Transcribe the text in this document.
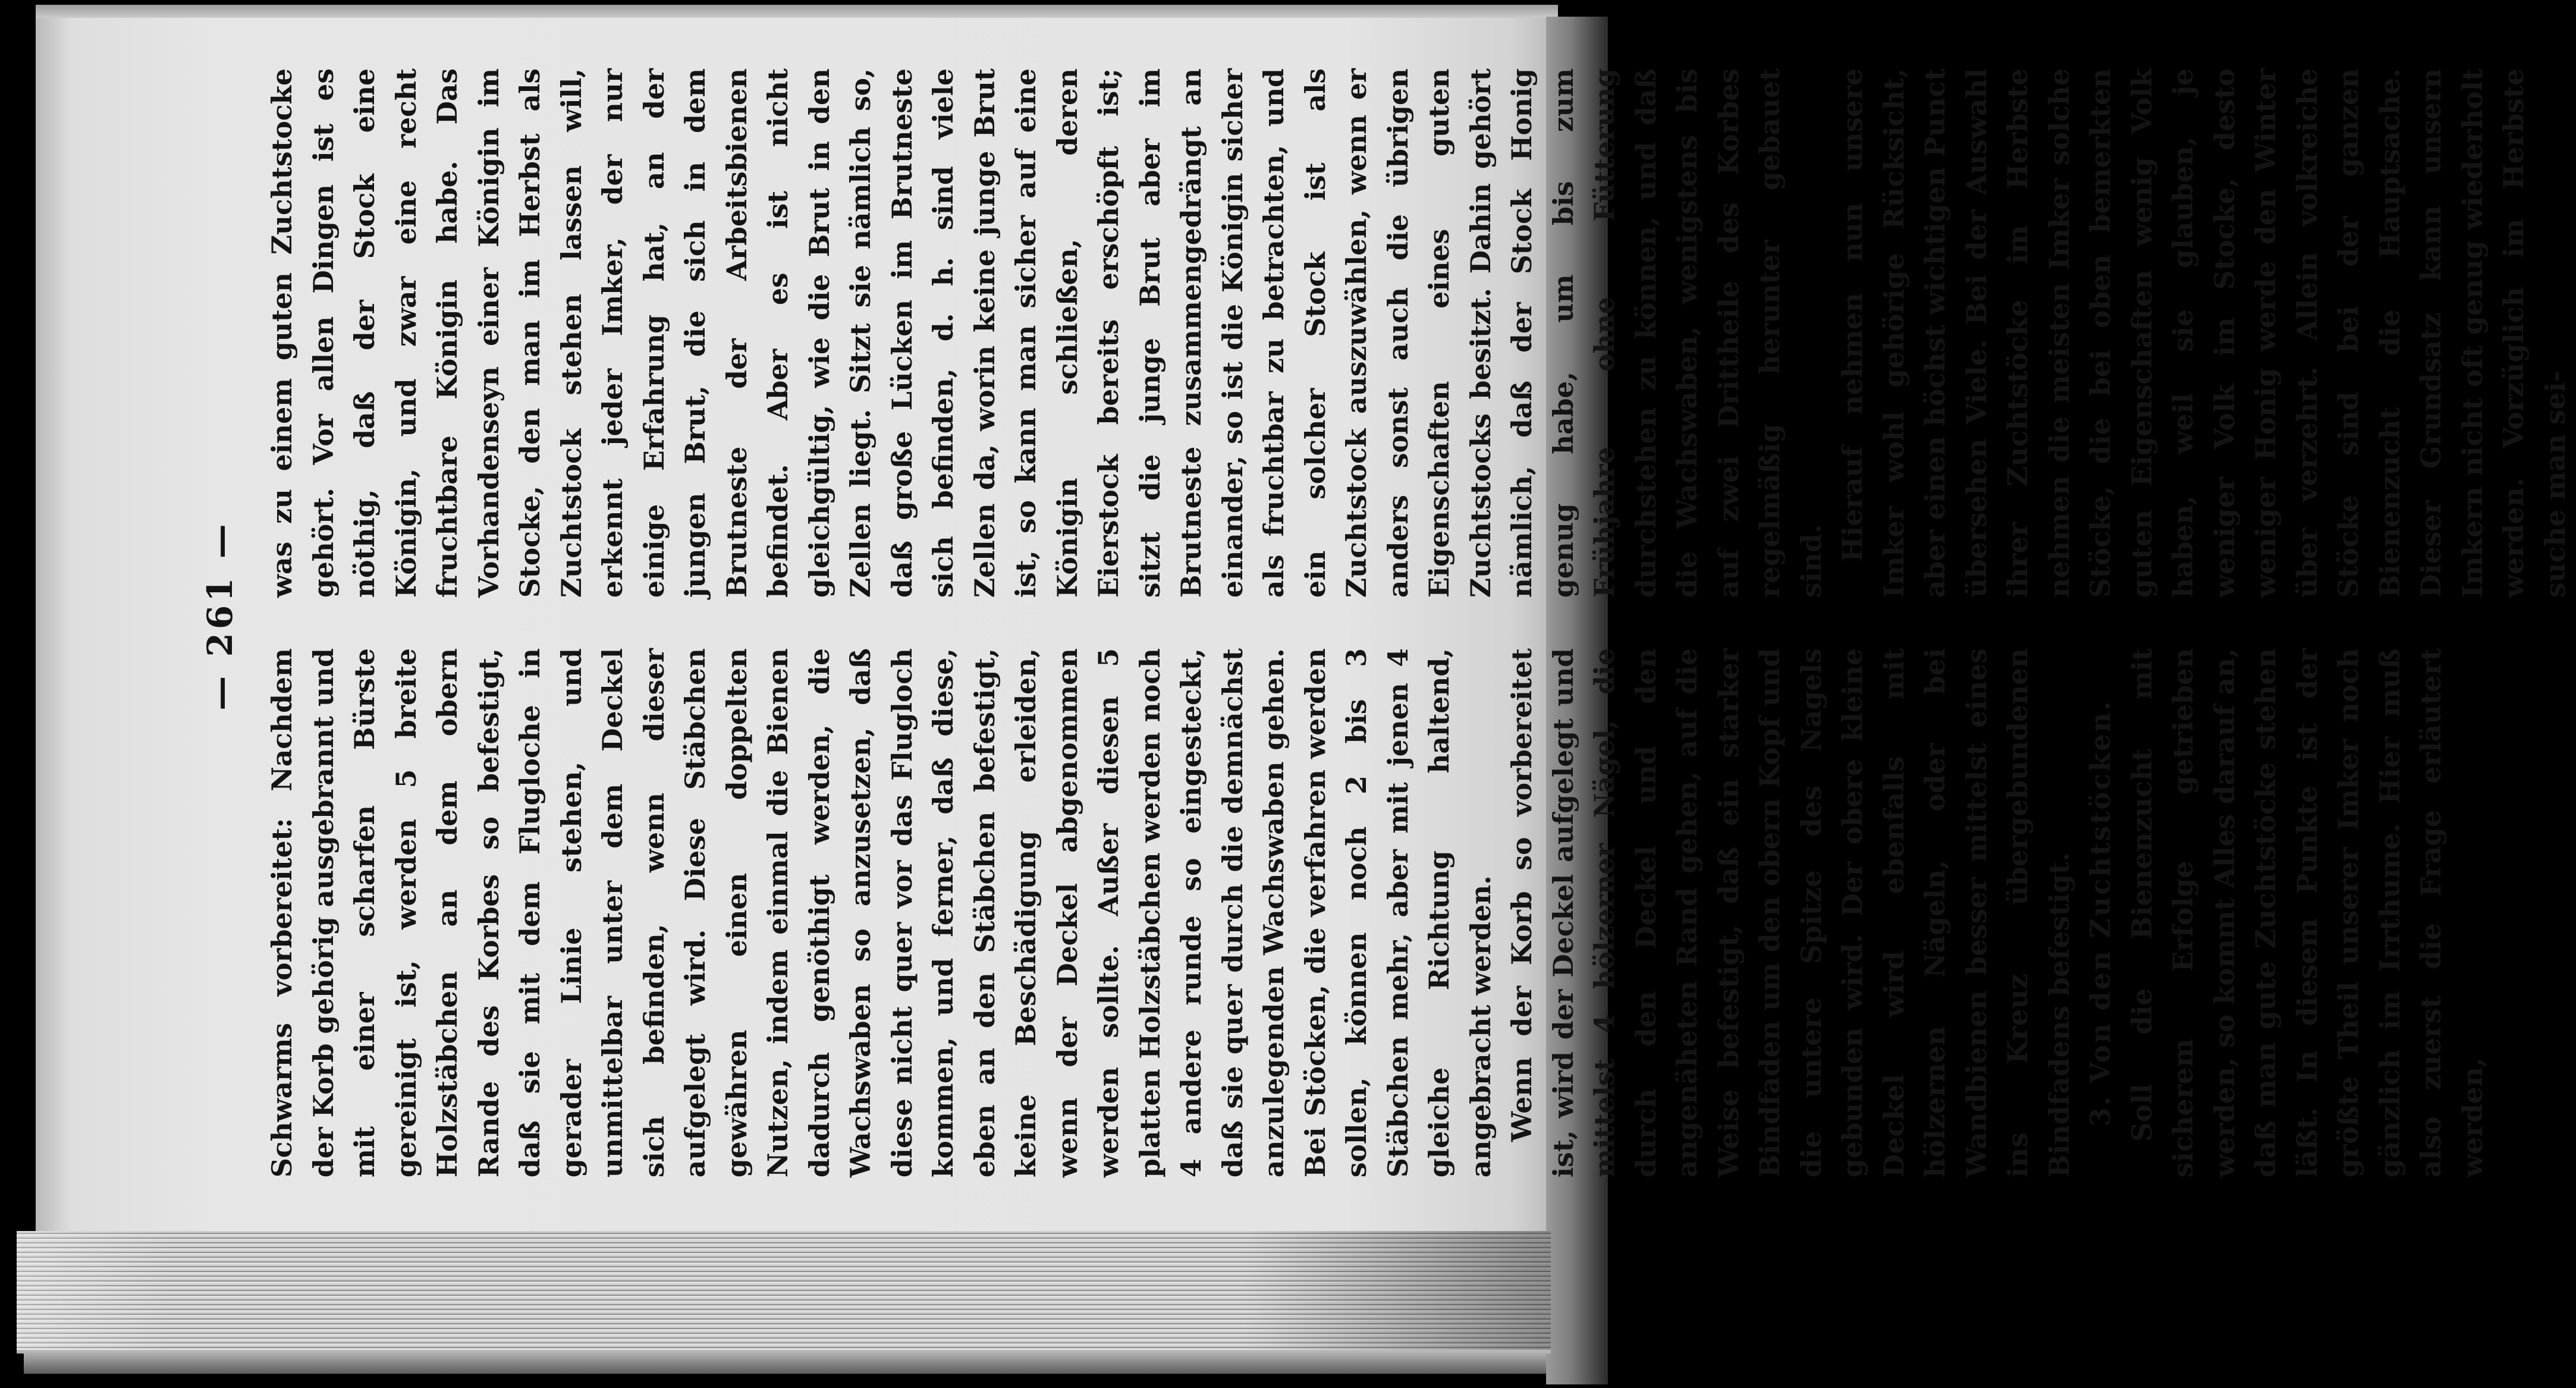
— 261 —

Schwarms vorbereitet: Nachdem der Korb gehörig ausgebrannt und mit einer scharfen Bürste gereinigt ist, werden 5 breite Holzstäbchen an dem obern Rande des Korbes so befestigt, daß sie mit dem Flugloche in gerader Linie stehen, und unmittelbar unter dem Deckel sich befinden, wenn dieser aufgelegt wird. Diese Stäbchen gewähren einen doppelten Nutzen, indem einmal die Bienen dadurch genöthigt werden, die Wachswaben so anzusetzen, daß diese nicht quer vor das Flugloch kommen, und ferner, daß diese, eben an den Stäbchen befestigt, keine Beschädigung erleiden, wenn der Deckel abgenommen werden sollte. Außer diesen 5 platten Holzstäbchen werden noch 4 andere runde so eingesteckt, daß sie quer durch die demnächst anzulegenden Wachswaben gehen. Bei Stöcken, die verfahren werden sollen, können noch 2 bis 3 Stäbchen mehr, aber mit jenen 4 gleiche Richtung haltend, angebracht werden. Wenn der Korb so vorbereitet ist, wird der Deckel aufgelegt und mittelst 4 hölzerner Nägel, die durch den Deckel und den angenäheten Rand gehen, auf die Weise befestigt, daß ein starker Bindfaden um den obern Kopf und die untere Spitze des Nagels gebunden wird. Der obere kleine Deckel wird ebenfalls mit hölzernen Nägeln, oder bei Wandbienen besser mittelst eines ins Kreuz übergebundenen Bindfadens befestigt. 3. Von den Zuchtstöcken. Soll die Bienenzucht mit sicherem Erfolge getrieben werden, so kommt Alles darauf an, daß man gute Zuchtstöcke stehen läßt. In diesem Punkte ist der größte Theil unserer Imker noch gänzlich im Irrthume. Hier muß also zuerst die Frage erläutert werden,

was zu einem guten Zuchtstocke gehört. Vor allen Dingen ist es nöthig, daß der Stock eine Königin, und zwar eine recht fruchtbare Königin habe. Das Vorhandenseyn einer Königin im Stocke, den man im Herbst als Zuchtstock stehen lassen will, erkennt jeder Imker, der nur einige Erfahrung hat, an der jungen Brut, die sich in dem Brutneste der Arbeitsbienen befindet. Aber es ist nicht gleichgültig, wie die Brut in den Zellen liegt. Sitzt sie nämlich so, daß große Lücken im Brutneste sich befinden, d. h. sind viele Zellen da, worin keine junge Brut ist, so kann man sicher auf eine Königin schließen, deren Eierstock bereits erschöpft ist; sitzt die junge Brut aber im Brutneste zusammengedrängt an einander, so ist die Königin sicher als fruchtbar zu betrachten, und ein solcher Stock ist als Zuchtstock auszuwählen, wenn er anders sonst auch die übrigen Eigenschaften eines guten Zuchtstocks besitzt. Dahin gehört nämlich, daß der Stock Honig genug habe, um bis zum Frühjahre ohne Fütterung durchstehen zu können, und daß die Wachswaben, wenigstens bis auf zwei Drittheile des Korbes regelmäßig herunter gebauet sind. Hierauf nehmen nun unsere Imker wohl gehörige Rücksicht, aber einen höchst wichtigen Punct übersehen Viele. Bei der Auswahl ihrer Zuchtstöcke im Herbste nehmen die meisten Imker solche Stöcke, die bei oben bemerkten guten Eigenschaften wenig Volk haben, weil sie glauben, je weniger Volk im Stocke, desto weniger Honig werde den Winter über verzehrt. Allein volkreiche Stöcke sind bei der ganzen Bienenzucht die Hauptsache. Dieser Grundsatz kann unsern Imkern nicht oft genug wiederholt werden. Vorzüglich im Herbste suche man sei-
